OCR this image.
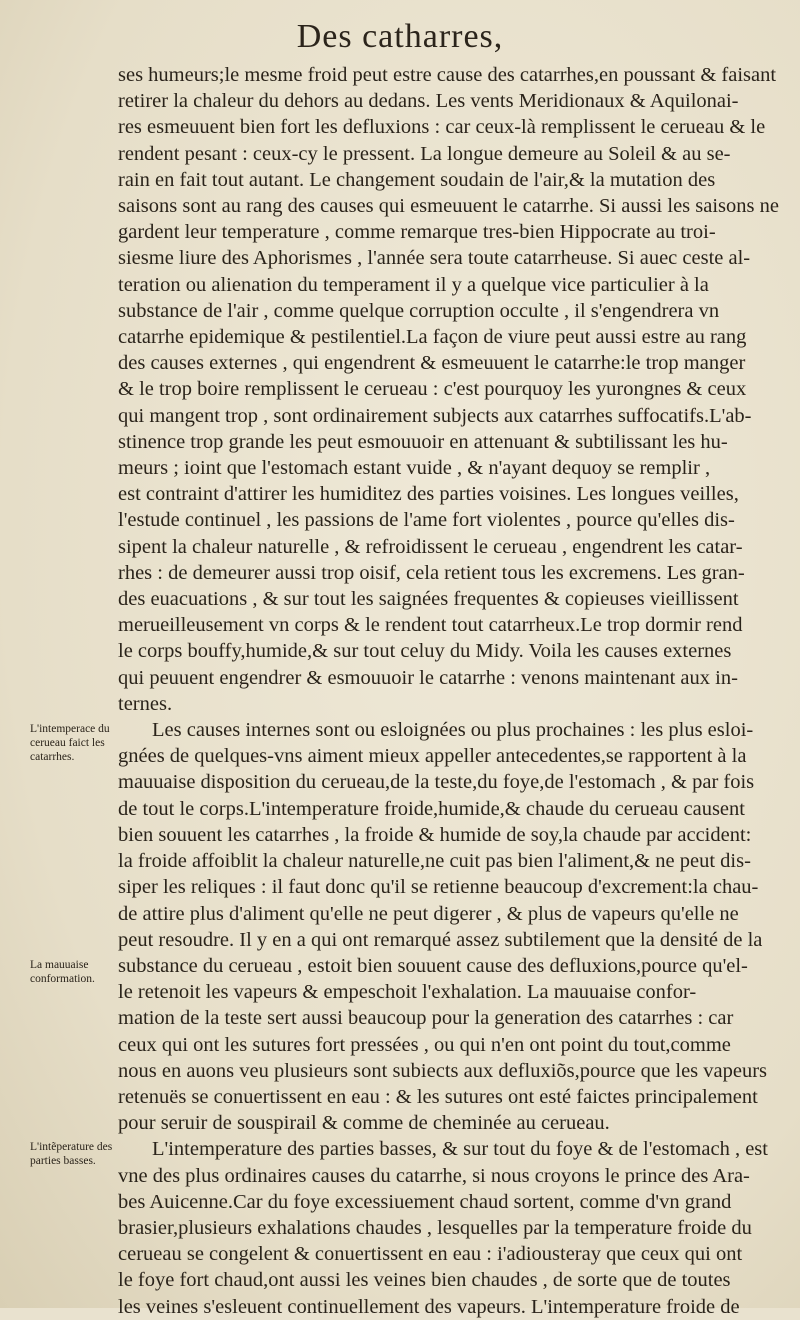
Des catharres,
ses humeurs;le mesme froid peut estre cause des catarrhes,en poussant & faisant
retirer la chaleur du dehors au dedans. Les vents Meridionaux & Aquilonai-
res esmeuuent bien fort les defluxions : car ceux-là remplissent le cerueau & le
rendent pesant : ceux-cy le pressent. La longue demeure au Soleil & au se-
rain en fait tout autant. Le changement soudain de l'air,& la mutation des
saisons sont au rang des causes qui esmeuuent le catarrhe. Si aussi les saisons ne
gardent leur temperature , comme remarque tres-bien Hippocrate au troi-
siesme liure des Aphorismes , l'année sera toute catarrheuse. Si auec ceste al-
teration ou alienation du temperament il y a quelque vice particulier à la
substance de l'air , comme quelque corruption occulte , il s'engendrera vn
catarrhe epidemique & pestilentiel.La façon de viure peut aussi estre au rang
des causes externes , qui engendrent & esmeuuent le catarrhe:le trop manger
& le trop boire remplissent le cerueau : c'est pourquoy les yurongnes & ceux
qui mangent trop , sont ordinairement subjects aux catarrhes suffocatifs.L'ab-
stinence trop grande les peut esmouuoir en attenuant & subtilissant les hu-
meurs ; ioint que l'estomach estant vuide , & n'ayant dequoy se remplir ,
est contraint d'attirer les humiditez des parties voisines. Les longues veilles,
l'estude continuel , les passions de l'ame fort violentes , pource qu'elles dis-
sipent la chaleur naturelle , & refroidissent le cerueau , engendrent les catar-
rhes : de demeurer aussi trop oisif, cela retient tous les excremens. Les gran-
des euacuations , & sur tout les saignées frequentes & copieuses vieillissent
merueilleusement vn corps & le rendent tout catarrheux.Le trop dormir rend
le corps bouffy,humide,& sur tout celuy du Midy. Voila les causes externes
qui peuuent engendrer & esmouuoir le catarrhe : venons maintenant aux in-
ternes.
Les causes internes sont ou esloignées ou plus prochaines : les plus esloi-
gnées de quelques-vns aiment mieux appeller antecedentes,se rapportent à la
mauuaise disposition du cerueau,de la teste,du foye,de l'estomach , & par fois
de tout le corps.L'intemperature froide,humide,& chaude du cerueau causent
bien souuent les catarrhes , la froide & humide de soy,la chaude par accident:
la froide affoiblit la chaleur naturelle,ne cuit pas bien l'aliment,& ne peut dis-
siper les reliques : il faut donc qu'il se retienne beaucoup d'excrement:la chau-
de attire plus d'aliment qu'elle ne peut digerer , & plus de vapeurs qu'elle ne
peut resoudre. Il y en a qui ont remarqué assez subtilement que la densité de la
substance du cerueau , estoit bien souuent cause des defluxions,pource qu'el-
le retenoit les vapeurs & empeschoit l'exhalation. La mauuaise confor-
mation de la teste sert aussi beaucoup pour la generation des catarrhes : car
ceux qui ont les sutures fort pressées , ou qui n'en ont point du tout,comme
nous en auons veu plusieurs sont subiects aux defluxiõs,pource que les vapeurs
retenuës se conuertissent en eau : & les sutures ont esté faictes principalement
pour seruir de souspirail & comme de cheminée au cerueau.
L'intemperature des parties basses, & sur tout du foye & de l'estomach , est
vne des plus ordinaires causes du catarrhe, si nous croyons le prince des Ara-
bes Auicenne.Car du foye excessiuement chaud sortent, comme d'vn grand
brasier,plusieurs exhalations chaudes , lesquelles par la temperature froide du
cerueau se congelent & conuertissent en eau : i'adiousteray que ceux qui ont
le foye fort chaud,ont aussi les veines bien chaudes , de sorte que de toutes
les veines s'esleuent continuellement des vapeurs. L'intemperature froide de
L'intemperace du cerueau faict les catarrhes.
La mauuaise conformation.
L'intẽperature des parties basses.
